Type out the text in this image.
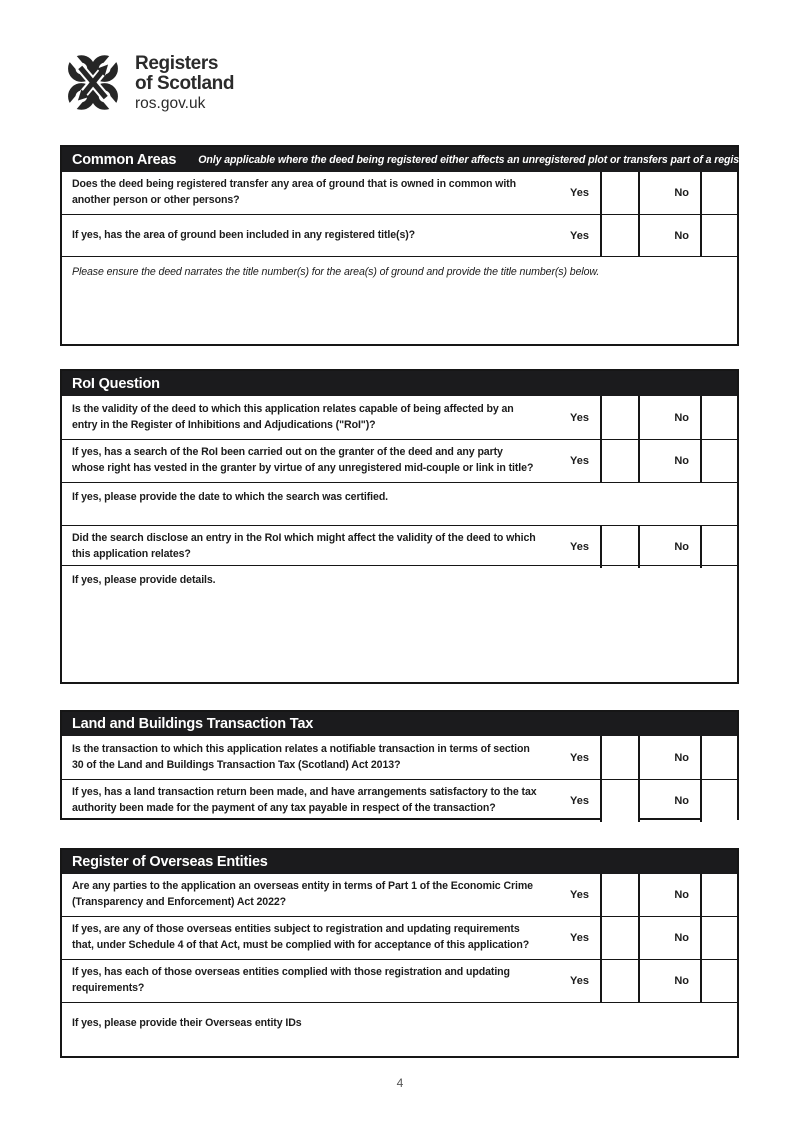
Registers
of Scotland
ros.gov.uk
Common Areas Only applicable where the deed being registered either affects an unregistered plot or transfers part of a registered plot.
Does the deed being registered transfer any area of ground that is owned in common with another person or other persons?
Yes	No
If yes, has the area of ground been included in any registered title(s)?	Yes	No
Please ensure the deed narrates the title number(s) for the area(s) of ground and provide the title number(s) below.
RoI Question
Is the validity of the deed to which this application relates capable of being affected by an entry in the Register of Inhibitions and Adjudications ("RoI")?
Yes	No
If yes, has a search of the RoI been carried out on the granter of the deed and any party whose right has vested in the granter by virtue of any unregistered mid-couple or link in title?
Yes	No
If yes, please provide the date to which the search was certified.
Did the search disclose an entry in the RoI which might affect the validity of the deed to which this application relates?
Yes	No
If yes, please provide details.
Land and Buildings Transaction Tax
Is the transaction to which this application relates a notifiable transaction in terms of section 30 of the Land and Buildings Transaction Tax (Scotland) Act 2013?
Yes	No
If yes, has a land transaction return been made, and have arrangements satisfactory to the tax authority been made for the payment of any tax payable in respect of the transaction?
Yes	No
Register of Overseas Entities
Are any parties to the application an overseas entity in terms of Part 1 of the Economic Crime (Transparency and Enforcement) Act 2022?
Yes	No
If yes, are any of those overseas entities subject to registration and updating requirements that, under Schedule 4 of that Act, must be complied with for acceptance of this application?
Yes	No
If yes, has each of those overseas entities complied with those registration and updating requirements?
Yes	No
If yes, please provide their Overseas entity IDs
4
